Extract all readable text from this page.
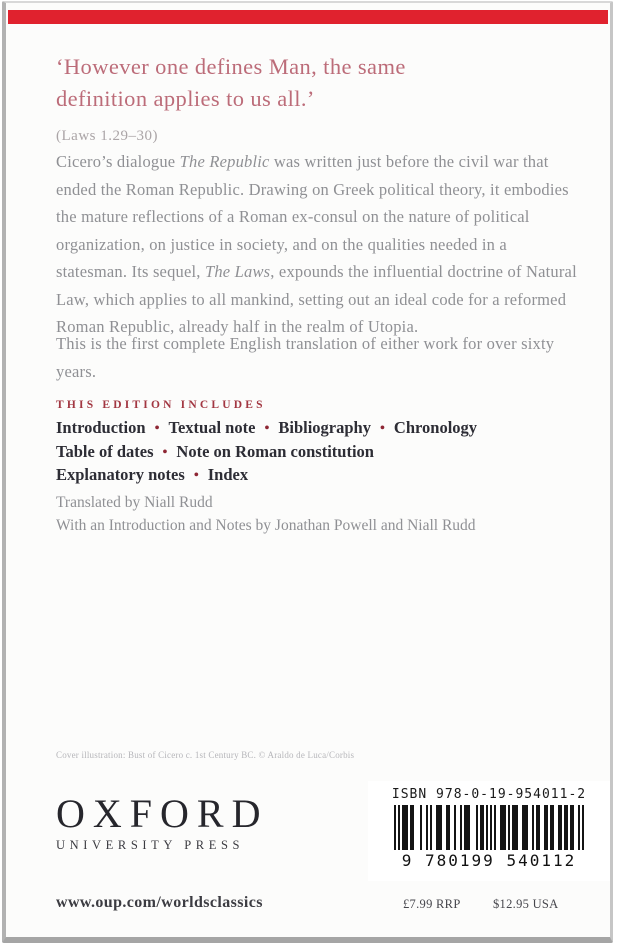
‘However one defines Man, the same
definition applies to us all.’
(Laws 1.29–30)

Cicero’s dialogue The Republic was written just before the civil war that ended the Roman Republic. Drawing on Greek political theory, it embodies the mature reflections of a Roman ex-consul on the nature of political organization, on justice in society, and on the qualities needed in a statesman. Its sequel, The Laws, expounds the influential doctrine of Natural Law, which applies to all mankind, setting out an ideal code for a reformed Roman Republic, already half in the realm of Utopia.

This is the first complete English translation of either work for over sixty years.

THIS EDITION INCLUDES
Introduction • Textual note • Bibliography • Chronology
Table of dates • Note on Roman constitution
Explanatory notes • Index
Translated by Niall Rudd
With an Introduction and Notes by Jonathan Powell and Niall Rudd
Cover illustration: Bust of Cicero c. 1st Century BC. © Araldo de Luca/Corbis
OXFORD
UNIVERSITY PRESS
ISBN 978-0-19-954011-2
9 780199 540112
www.oup.com/worldsclassics	£7.99 RRP	$12.95 USA
